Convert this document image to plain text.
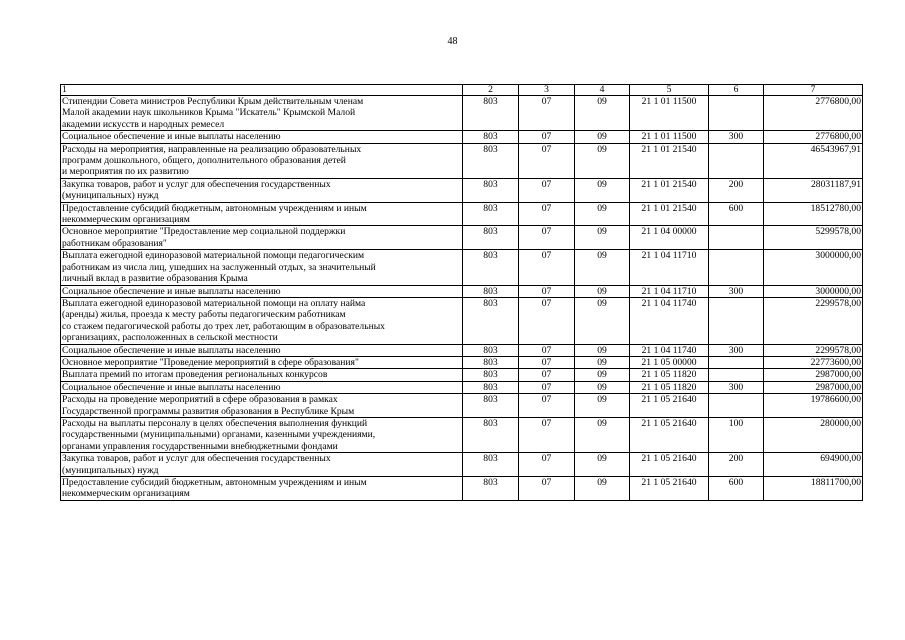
48
1	2	3	4	5	6	7
Стипендии Совета министров Республики Крым действительным членам
Малой академии наук школьников Крыма "Искатель" Крымской Малой
академии искусств и народных ремесел	803	07	09	21 1 01 11500		2776800,00
Социальное обеспечение и иные выплаты населению	803	07	09	21 1 01 11500	300	2776800,00
Расходы на мероприятия, направленные на реализацию образовательных
программ дошкольного, общего, дополнительного образования детей
и мероприятия по их развитию	803	07	09	21 1 01 21540		46543967,91
Закупка товаров, работ и услуг для обеспечения государственных
(муниципальных) нужд	803	07	09	21 1 01 21540	200	28031187,91
Предоставление субсидий бюджетным, автономным учреждениям и иным
некоммерческим организациям	803	07	09	21 1 01 21540	600	18512780,00
Основное мероприятие "Предоставление мер социальной поддержки
работникам образования"	803	07	09	21 1 04 00000		5299578,00
Выплата ежегодной единоразовой материальной помощи педагогическим
работникам из числа лиц, ушедших на заслуженный отдых, за значительный
личный вклад в развитие образования Крыма	803	07	09	21 1 04 11710		3000000,00
Социальное обеспечение и иные выплаты населению	803	07	09	21 1 04 11710	300	3000000,00
Выплата ежегодной единоразовой материальной помощи на оплату найма
(аренды) жилья, проезда к месту работы педагогическим работникам
со стажем педагогической работы до трех лет, работающим в образовательных
организациях, расположенных в сельской местности	803	07	09	21 1 04 11740		2299578,00
Социальное обеспечение и иные выплаты населению	803	07	09	21 1 04 11740	300	2299578,00
Основное мероприятие "Проведение мероприятий в сфере образования"	803	07	09	21 1 05 00000		22773600,00
Выплата премий по итогам проведения региональных конкурсов	803	07	09	21 1 05 11820		2987000,00
Социальное обеспечение и иные выплаты населению	803	07	09	21 1 05 11820	300	2987000,00
Расходы на проведение мероприятий в сфере образования в рамках
Государственной программы развития образования в Республике Крым	803	07	09	21 1 05 21640		19786600,00
Расходы на выплаты персоналу в целях обеспечения выполнения функций
государственными (муниципальными) органами, казенными учреждениями,
органами управления государственными внебюджетными фондами	803	07	09	21 1 05 21640	100	280000,00
Закупка товаров, работ и услуг для обеспечения государственных
(муниципальных) нужд	803	07	09	21 1 05 21640	200	694900,00
Предоставление субсидий бюджетным, автономным учреждениям и иным
некоммерческим организациям	803	07	09	21 1 05 21640	600	18811700,00
